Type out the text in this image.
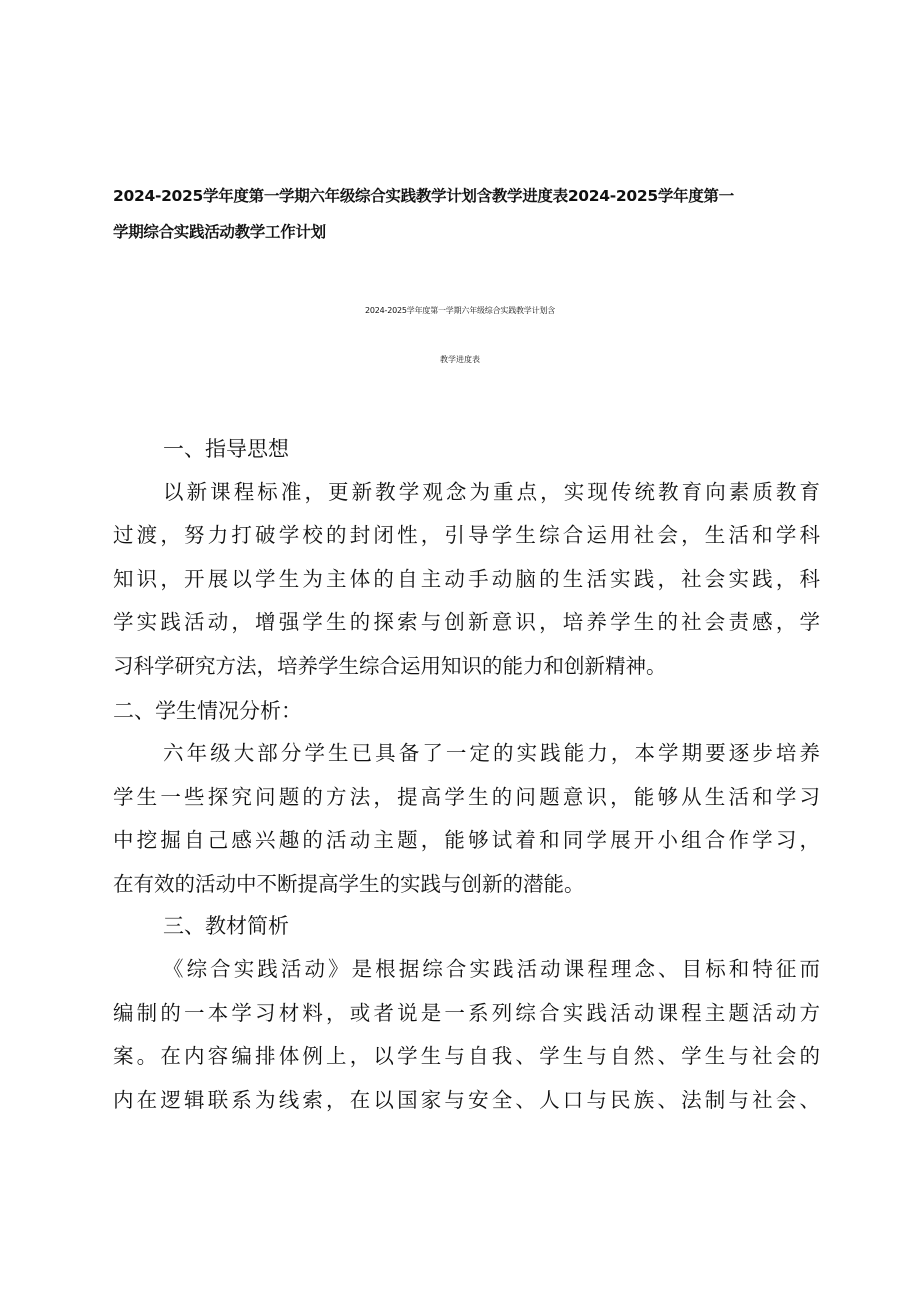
2024-2025学年度第一学期六年级综合实践教学计划含教学进度表2024-2025学年度第一
学期综合实践活动教学工作计划
2024-2025学年度第一学期六年级综合实践教学计划含
教学进度表
一、指导思想
以新课程标准，更新教学观念为重点，实现传统教育向素质教育
过渡，努力打破学校的封闭性，引导学生综合运用社会，生活和学科
知识，开展以学生为主体的自主动手动脑的生活实践，社会实践，科
学实践活动，增强学生的探索与创新意识，培养学生的社会责感，学
习科学研究方法，培养学生综合运用知识的能力和创新精神。
二、学生情况分析：
六年级大部分学生已具备了一定的实践能力，本学期要逐步培养
学生一些探究问题的方法，提高学生的问题意识，能够从生活和学习
中挖掘自己感兴趣的活动主题，能够试着和同学展开小组合作学习，
在有效的活动中不断提高学生的实践与创新的潜能。
三、教材简析
《综合实践活动》是根据综合实践活动课程理念、目标和特征而
编制的一本学习材料，或者说是一系列综合实践活动课程主题活动方
案。在内容编排体例上，以学生与自我、学生与自然、学生与社会的
内在逻辑联系为线索，在以国家与安全、人口与民族、法制与社会、
